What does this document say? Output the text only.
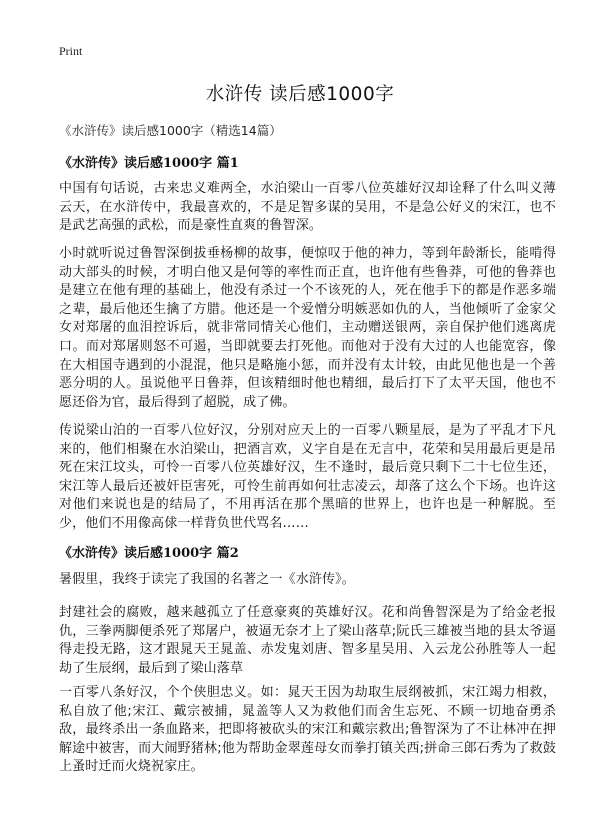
Print
水浒传 读后感1000字
《水浒传》读后感1000字（精选14篇）
《水浒传》读后感1000字 篇1
中国有句话说，古来忠义难两全，水泊梁山一百零八位英雄好汉却诠释了什么叫义薄云天，在水浒传中，我最喜欢的，不是足智多谋的吴用，不是急公好义的宋江，也不是武艺高强的武松，而是豪性直爽的鲁智深。
小时就听说过鲁智深倒拔垂杨柳的故事，便惊叹于他的神力，等到年龄渐长，能啃得动大部头的时候，才明白他又是何等的率性而正直，也许他有些鲁莽，可他的鲁莽也是建立在他有理的基础上，他没有杀过一个不该死的人，死在他手下的都是作恶多端之辈，最后他还生擒了方腊。他还是一个爱憎分明嫉恶如仇的人，当他倾听了金家父女对郑屠的血泪控诉后，就非常同情关心他们，主动赠送银两，亲自保护他们逃离虎口。而对郑屠则怒不可遏，当即就要去打死他。而他对于没有大过的人也能宽容，像在大相国寺遇到的小混混，他只是略施小惩，而并没有太计较，由此见他也是一个善恶分明的人。虽说他平日鲁莽，但该精细时他也精细，最后打下了太平天国，他也不愿还俗为官，最后得到了超脱，成了佛。
传说梁山泊的一百零八位好汉，分别对应天上的一百零八颗星辰，是为了平乱才下凡来的，他们相聚在水泊梁山，把酒言欢，义字自是在无言中，花荣和吴用最后更是吊死在宋江坟头，可怜一百零八位英雄好汉，生不逢时，最后竟只剩下二十七位生还，宋江等人最后还被奸臣害死，可怜生前再如何壮志凌云，却落了这么个下场。也许这对他们来说也是的结局了，不用再活在那个黑暗的世界上，也许也是一种解脱。至少，他们不用像高俅一样背负世代骂名……
《水浒传》读后感1000字 篇2
暑假里，我终于读完了我国的名著之一《水浒传》。
封建社会的腐败，越来越孤立了任意豪爽的英雄好汉。花和尚鲁智深是为了给金老报仇，三拳两脚便杀死了郑屠户，被逼无奈才上了梁山落草;阮氏三雄被当地的县太爷逼得走投无路，这才跟晁天王晁盖、赤发鬼刘唐、智多星吴用、入云龙公孙胜等人一起劫了生辰纲，最后到了梁山落草
一百零八条好汉，个个侠胆忠义。如：晁天王因为劫取生辰纲被抓，宋江竭力相救，私自放了他;宋江、戴宗被捕，晁盖等人又为救他们而舍生忘死、不顾一切地奋勇杀敌，最终杀出一条血路来，把即将被砍头的宋江和戴宗救出;鲁智深为了不让林冲在押解途中被害，而大闹野猪林;他为帮助金翠莲母女而拳打镇关西;拼命三郎石秀为了救鼓上蚤时迁而火烧祝家庄。
